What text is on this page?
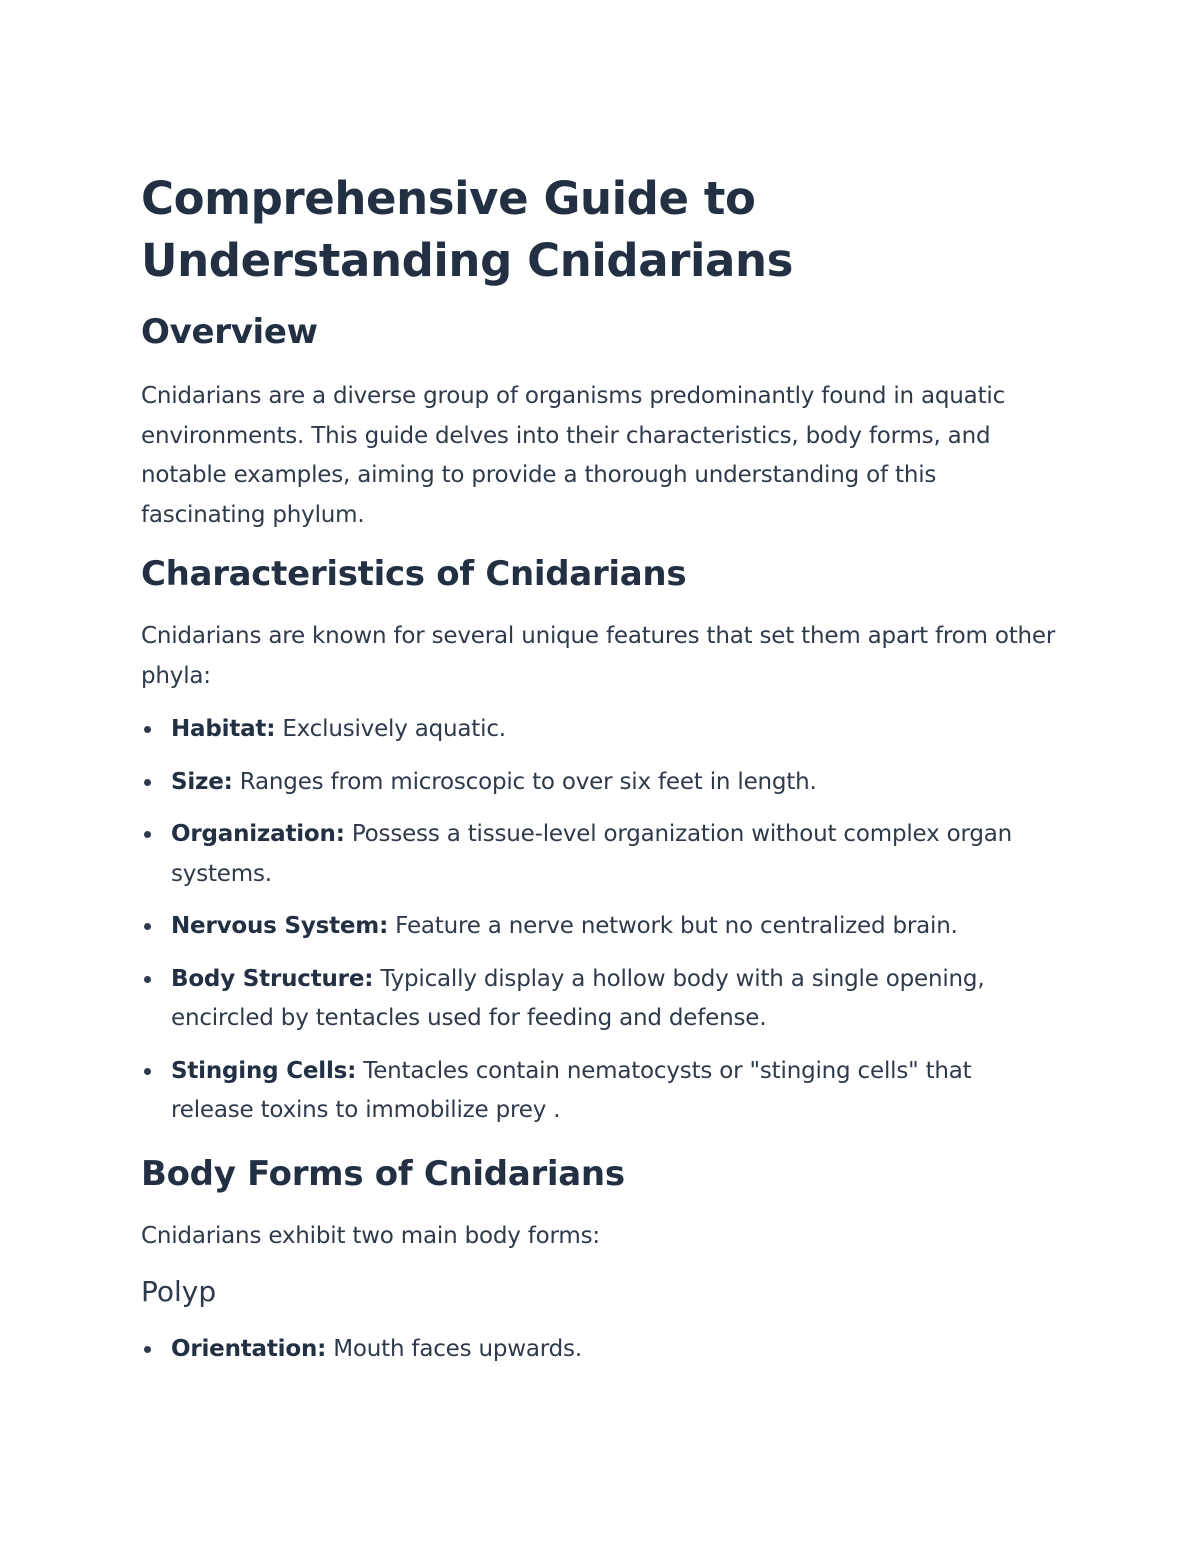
Comprehensive Guide to Understanding Cnidarians
Overview

Cnidarians are a diverse group of organisms predominantly found in aquatic environments. This guide delves into their characteristics, body forms, and notable examples, aiming to provide a thorough understanding of this fascinating phylum.

Characteristics of Cnidarians

Cnidarians are known for several unique features that set them apart from other phyla:

Habitat: Exclusively aquatic.
Size: Ranges from microscopic to over six feet in length.
Organization: Possess a tissue-level organization without complex organ systems.
Nervous System: Feature a nerve network but no centralized brain.
Body Structure: Typically display a hollow body with a single opening, encircled by tentacles used for feeding and defense.
Stinging Cells: Tentacles contain nematocysts or "stinging cells" that release toxins to immobilize prey .
Body Forms of Cnidarians

Cnidarians exhibit two main body forms:

Polyp
Orientation: Mouth faces upwards.
